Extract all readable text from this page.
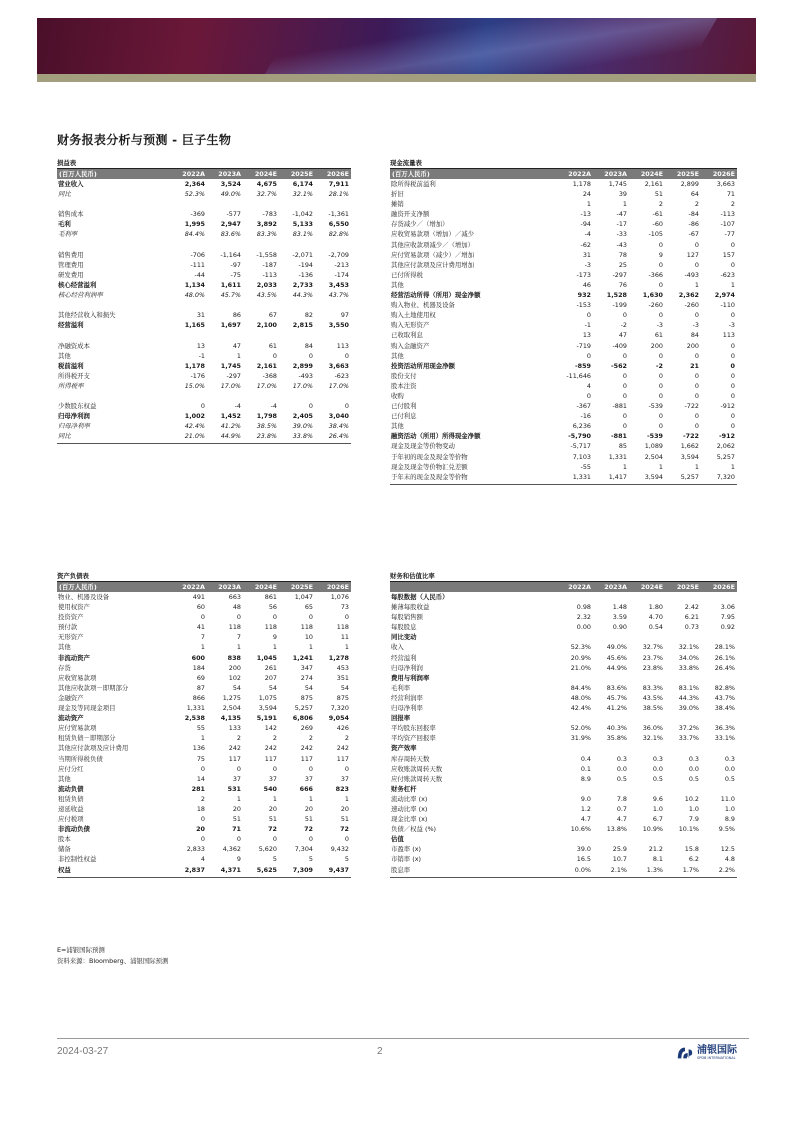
财务报表分析与预测 - 巨子生物
损益表
(百万人民币)	2022A	2023A	2024E	2025E	2026E
营业收入	2,364	3,524	4,675	6,174	7,911
同比	52.3%	49.0%	32.7%	32.1%	28.1%
销售成本	-369	-577	-783	-1,042	-1,361
毛利	1,995	2,947	3,892	5,133	6,550
毛利率	84.4%	83.6%	83.3%	83.1%	82.8%
销售费用	-706	-1,164	-1,558	-2,071	-2,709
管理费用	-111	-97	-187	-194	-213
研发费用	-44	-75	-113	-136	-174
核心经营溢利	1,134	1,611	2,033	2,733	3,453
核心经营利润率	48.0%	45.7%	43.5%	44.3%	43.7%
其他经营收入和损失	31	86	67	82	97
经营溢利	1,165	1,697	2,100	2,815	3,550
净融资成本	13	47	61	84	113
其他	-1	1	0	0	0
税前溢利	1,178	1,745	2,161	2,899	3,663
所得税开支	-176	-297	-368	-493	-623
所得税率	15.0%	17.0%	17.0%	17.0%	17.0%
少数股东权益	0	-4	-4	0	0
归母净利润	1,002	1,452	1,798	2,405	3,040
归母净利率	42.4%	41.2%	38.5%	39.0%	38.4%
同比	21.0%	44.9%	23.8%	33.8%	26.4%
现金流量表
(百万人民币)	2022A	2023A	2024E	2025E	2026E
除所得税前溢利	1,178	1,745	2,161	2,899	3,663
折旧	24	39	51	64	71
摊销	1	1	2	2	2
融资开支净额	-13	-47	-61	-84	-113
存货减少／（增加）	-94	-17	-60	-86	-107
应收贸易款项（增加）／减少	-4	-33	-105	-67	-77
其他应收款项减少／（增加）	-62	-43	0	0	0
应付贸易款项（减少）／增加	31	78	9	127	157
其他应付款项及应计费用增加	-3	25	0	0	0
已付所得税	-173	-297	-366	-493	-623
其他	46	76	0	1	1
经营活动所得（所用）现金净额	932	1,528	1,630	2,362	2,974
购入物业、机器及设备	-153	-199	-260	-260	-110
购入土地使用权	0	0	0	0	0
购入无形资产	-1	-2	-3	-3	-3
已收取利息	13	47	61	84	113
购入金融资产	-719	-409	200	200	0
其他	0	0	0	0	0
投资活动所用现金净额	-859	-562	-2	21	0
股份支付	-11,646	0	0	0	0
股本注资	4	0	0	0	0
收购	0	0	0	0	0
已付股利	-367	-881	-539	-722	-912
已付利息	-16	0	0	0	0
其他	6,236	0	0	0	0
融资活动（所用）所得现金净额	-5,790	-881	-539	-722	-912
现金及现金等价物变动	-5,717	85	1,089	1,662	2,062
于年初的现金及现金等价物	7,103	1,331	2,504	3,594	5,257
现金及现金等价物汇兑差额	-55	1	1	1	1
于年末的现金及现金等价物	1,331	1,417	3,594	5,257	7,320
资产负债表
(百万人民币)	2022A	2023A	2024E	2025E	2026E
物业、机器及设备	491	663	861	1,047	1,076
使用权资产	60	48	56	65	73
投资资产	0	0	0	0	0
预付款	41	118	118	118	118
无形资产	7	7	9	10	11
其他	1	1	1	1	1
非流动资产	600	838	1,045	1,241	1,278
存货	184	200	261	347	453
应收贸易款项	69	102	207	274	351
其他应收款项－即期部分	87	54	54	54	54
金融资产	866	1,275	1,075	875	875
现金及等同现金项目	1,331	2,504	3,594	5,257	7,320
流动资产	2,538	4,135	5,191	6,806	9,054
应付贸易款项	55	133	142	269	426
租赁负债－即期部分	1	2	2	2	2
其他应付款项及应计费用	136	242	242	242	242
当期所得税负债	75	117	117	117	117
应付分红	0	0	0	0	0
其他	14	37	37	37	37
流动负债	281	531	540	666	823
租赁负债	2	1	1	1	1
递延收益	18	20	20	20	20
应付税项	0	51	51	51	51
非流动负债	20	71	72	72	72
股本	0	0	0	0	0
储备	2,833	4,362	5,620	7,304	9,432
非控制性权益	4	9	5	5	5
权益	2,837	4,371	5,625	7,309	9,437
财务和估值比率
2022A	2023A	2024E	2025E	2026E
每股数据（人民币）
摊薄每股收益	0.98	1.48	1.80	2.42	3.06
每股销售额	2.32	3.59	4.70	6.21	7.95
每股股息	0.00	0.90	0.54	0.73	0.92
同比变动
收入	52.3%	49.0%	32.7%	32.1%	28.1%
经营溢利	20.9%	45.6%	23.7%	34.0%	26.1%
归母净利润	21.0%	44.9%	23.8%	33.8%	26.4%
费用与利润率
毛利率	84.4%	83.6%	83.3%	83.1%	82.8%
经营利润率	48.0%	45.7%	43.5%	44.3%	43.7%
归母净利率	42.4%	41.2%	38.5%	39.0%	38.4%
回报率
平均股东回报率	52.0%	40.3%	36.0%	37.2%	36.3%
平均资产回报率	31.9%	35.8%	32.1%	33.7%	33.1%
资产效率
库存周转天数	0.4	0.3	0.3	0.3	0.3
应收账款周转天数	0.1	0.0	0.0	0.0	0.0
应付账款周转天数	8.9	0.5	0.5	0.5	0.5
财务杠杆
流动比率 (x)	9.0	7.8	9.6	10.2	11.0
速动比率 (x)	1.2	0.7	1.0	1.0	1.0
现金比率 (x)	4.7	4.7	6.7	7.9	8.9
负债／权益 (%)	10.6%	13.8%	10.9%	10.1%	9.5%
估值
市盈率 (x)	39.0	25.9	21.2	15.8	12.5
市销率 (x)	16.5	10.7	8.1	6.2	4.8
股息率	0.0%	2.1%	1.3%	1.7%	2.2%
E=浦银国际预测
资料来源：Bloomberg、浦银国际预测
2024-03-27	2	浦银国际
SPDB INTERNATIONAL
